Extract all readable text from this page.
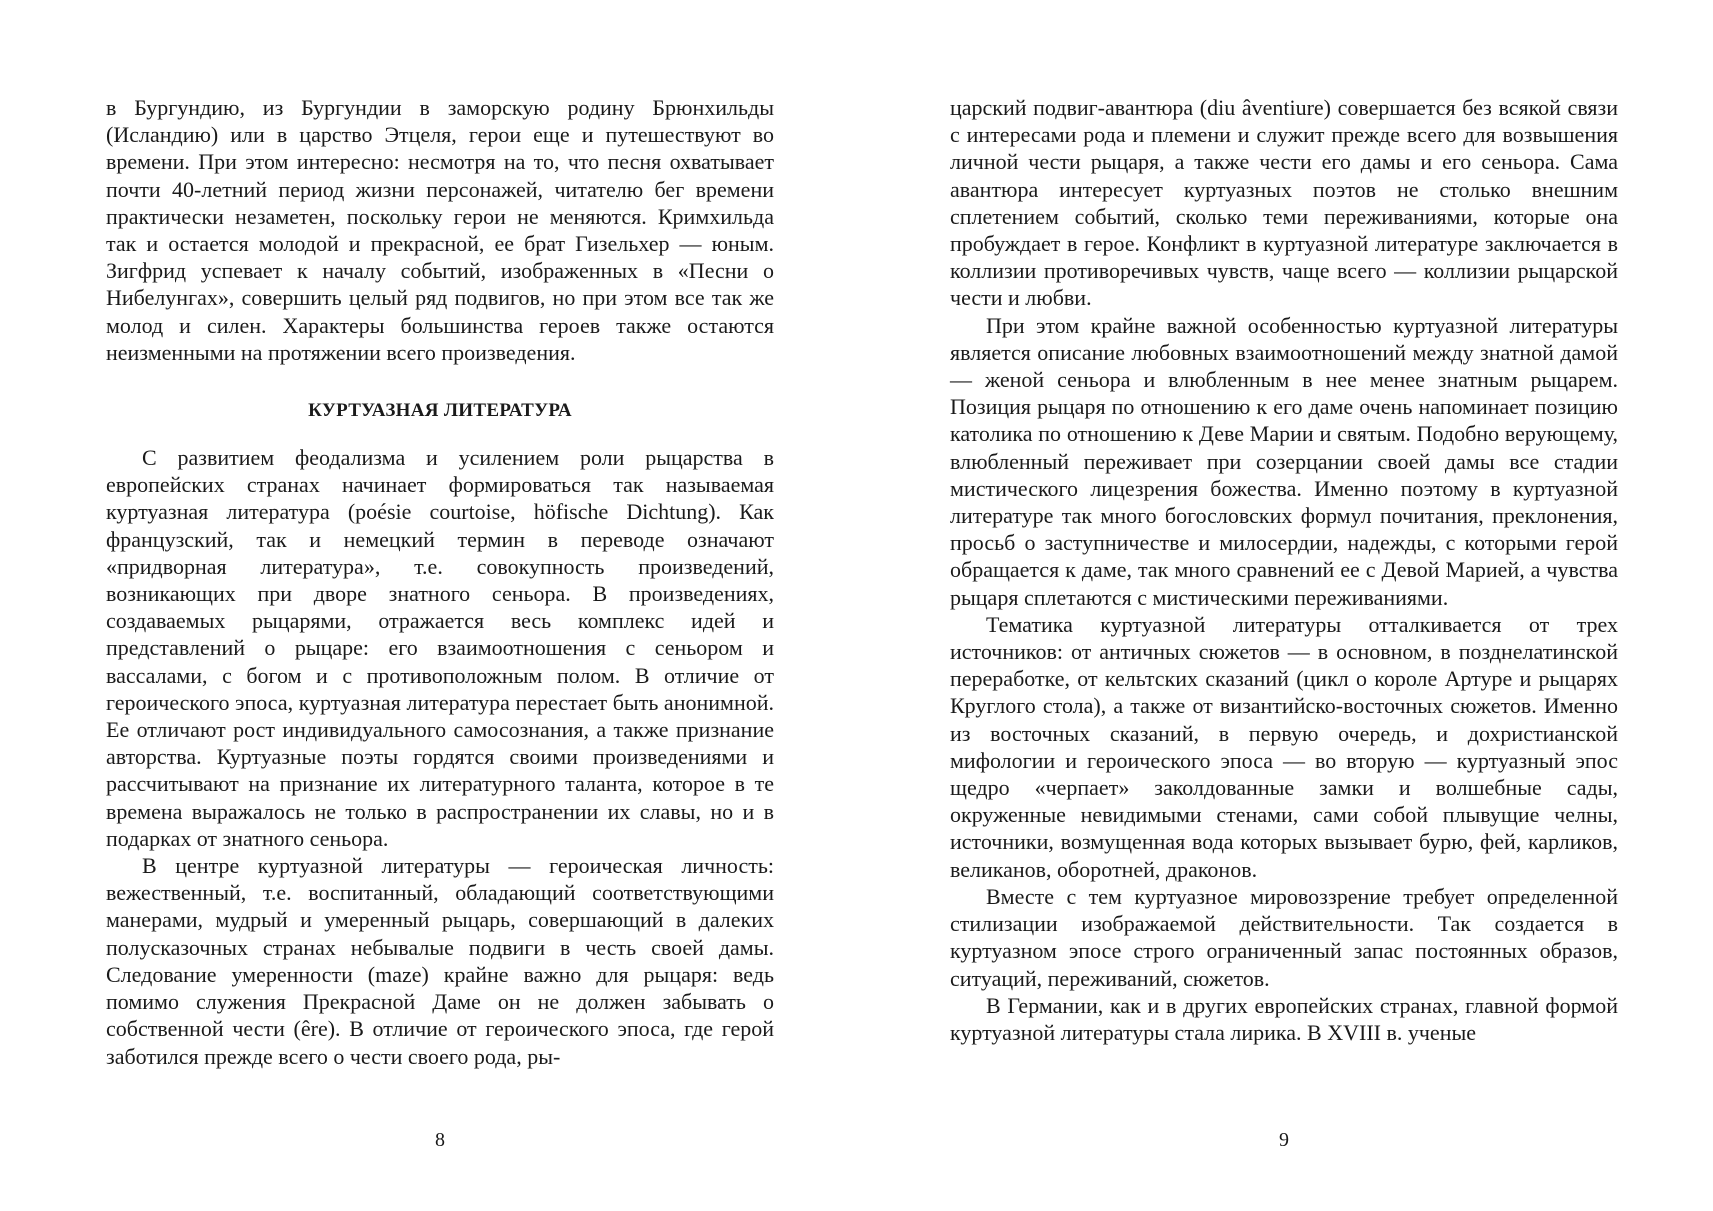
в Бургундию, из Бургундии в заморскую родину Брюнхильды (Исландию) или в царство Этцеля, герои еще и путешествуют во времени. При этом интересно: несмотря на то, что песня охватывает почти 40-летний период жизни персонажей, читателю бег времени практически незаметен, поскольку герои не меняются. Кримхильда так и остается молодой и прекрасной, ее брат Гизельхер — юным. Зигфрид успевает к началу событий, изображенных в «Песни о Нибелунгах», совершить целый ряд подвигов, но при этом все так же молод и силен. Характеры большинства героев также остаются неизменными на протяжении всего произведения.

КУРТУАЗНАЯ ЛИТЕРАТУРА

С развитием феодализма и усилением роли рыцарства в европейских странах начинает формироваться так называемая куртуазная литература (poésie courtoise, höfische Dichtung). Как французский, так и немецкий термин в переводе означают «придворная литература», т.е. совокупность произведений, возникающих при дворе знатного сеньора. В произведениях, создаваемых рыцарями, отражается весь комплекс идей и представлений о рыцаре: его взаимоотношения с сеньором и вассалами, с богом и с противоположным полом. В отличие от героического эпоса, куртуазная литература перестает быть анонимной. Ее отличают рост индивидуального самосознания, а также признание авторства. Куртуазные поэты гордятся своими произведениями и рассчитывают на признание их литературного таланта, которое в те времена выражалось не только в распространении их славы, но и в подарках от знатного сеньора.

В центре куртуазной литературы — героическая личность: вежественный, т.е. воспитанный, обладающий соответствующими манерами, мудрый и умеренный рыцарь, совершающий в далеких полусказочных странах небывалые подвиги в честь своей дамы. Следование умеренности (maze) крайне важно для рыцаря: ведь помимо служения Прекрасной Даме он не должен забывать о собственной чести (êre). В отличие от героического эпоса, где герой заботился прежде всего о чести своего рода, ры-

8

царский подвиг-авантюра (diu âventiure) совершается без всякой связи с интересами рода и племени и служит прежде всего для возвышения личной чести рыцаря, а также чести его дамы и его сеньора. Сама авантюра интересует куртуазных поэтов не столько внешним сплетением событий, сколько теми переживаниями, которые она пробуждает в герое. Конфликт в куртуазной литературе заключается в коллизии противоречивых чувств, чаще всего — коллизии рыцарской чести и любви.

При этом крайне важной особенностью куртуазной литературы является описание любовных взаимоотношений между знатной дамой — женой сеньора и влюбленным в нее менее знатным рыцарем. Позиция рыцаря по отношению к его даме очень напоминает позицию католика по отношению к Деве Марии и святым. Подобно верующему, влюбленный переживает при созерцании своей дамы все стадии мистического лицезрения божества. Именно поэтому в куртуазной литературе так много богословских формул почитания, преклонения, просьб о заступничестве и милосердии, надежды, с которыми герой обращается к даме, так много сравнений ее с Девой Марией, а чувства рыцаря сплетаются с мистическими переживаниями.

Тематика куртуазной литературы отталкивается от трех источников: от античных сюжетов — в основном, в позднелатинской переработке, от кельтских сказаний (цикл о короле Артуре и рыцарях Круглого стола), а также от византийско-восточных сюжетов. Именно из восточных сказаний, в первую очередь, и дохристианской мифологии и героического эпоса — во вторую — куртуазный эпос щедро «черпает» заколдованные замки и волшебные сады, окруженные невидимыми стенами, сами собой плывущие челны, источники, возмущенная вода которых вызывает бурю, фей, карликов, великанов, оборотней, драконов.

Вместе с тем куртуазное мировоззрение требует определенной стилизации изображаемой действительности. Так создается в куртуазном эпосе строго ограниченный запас постоянных образов, ситуаций, переживаний, сюжетов.

В Германии, как и в других европейских странах, главной формой куртуазной литературы стала лирика. В XVIII в. ученые

9
